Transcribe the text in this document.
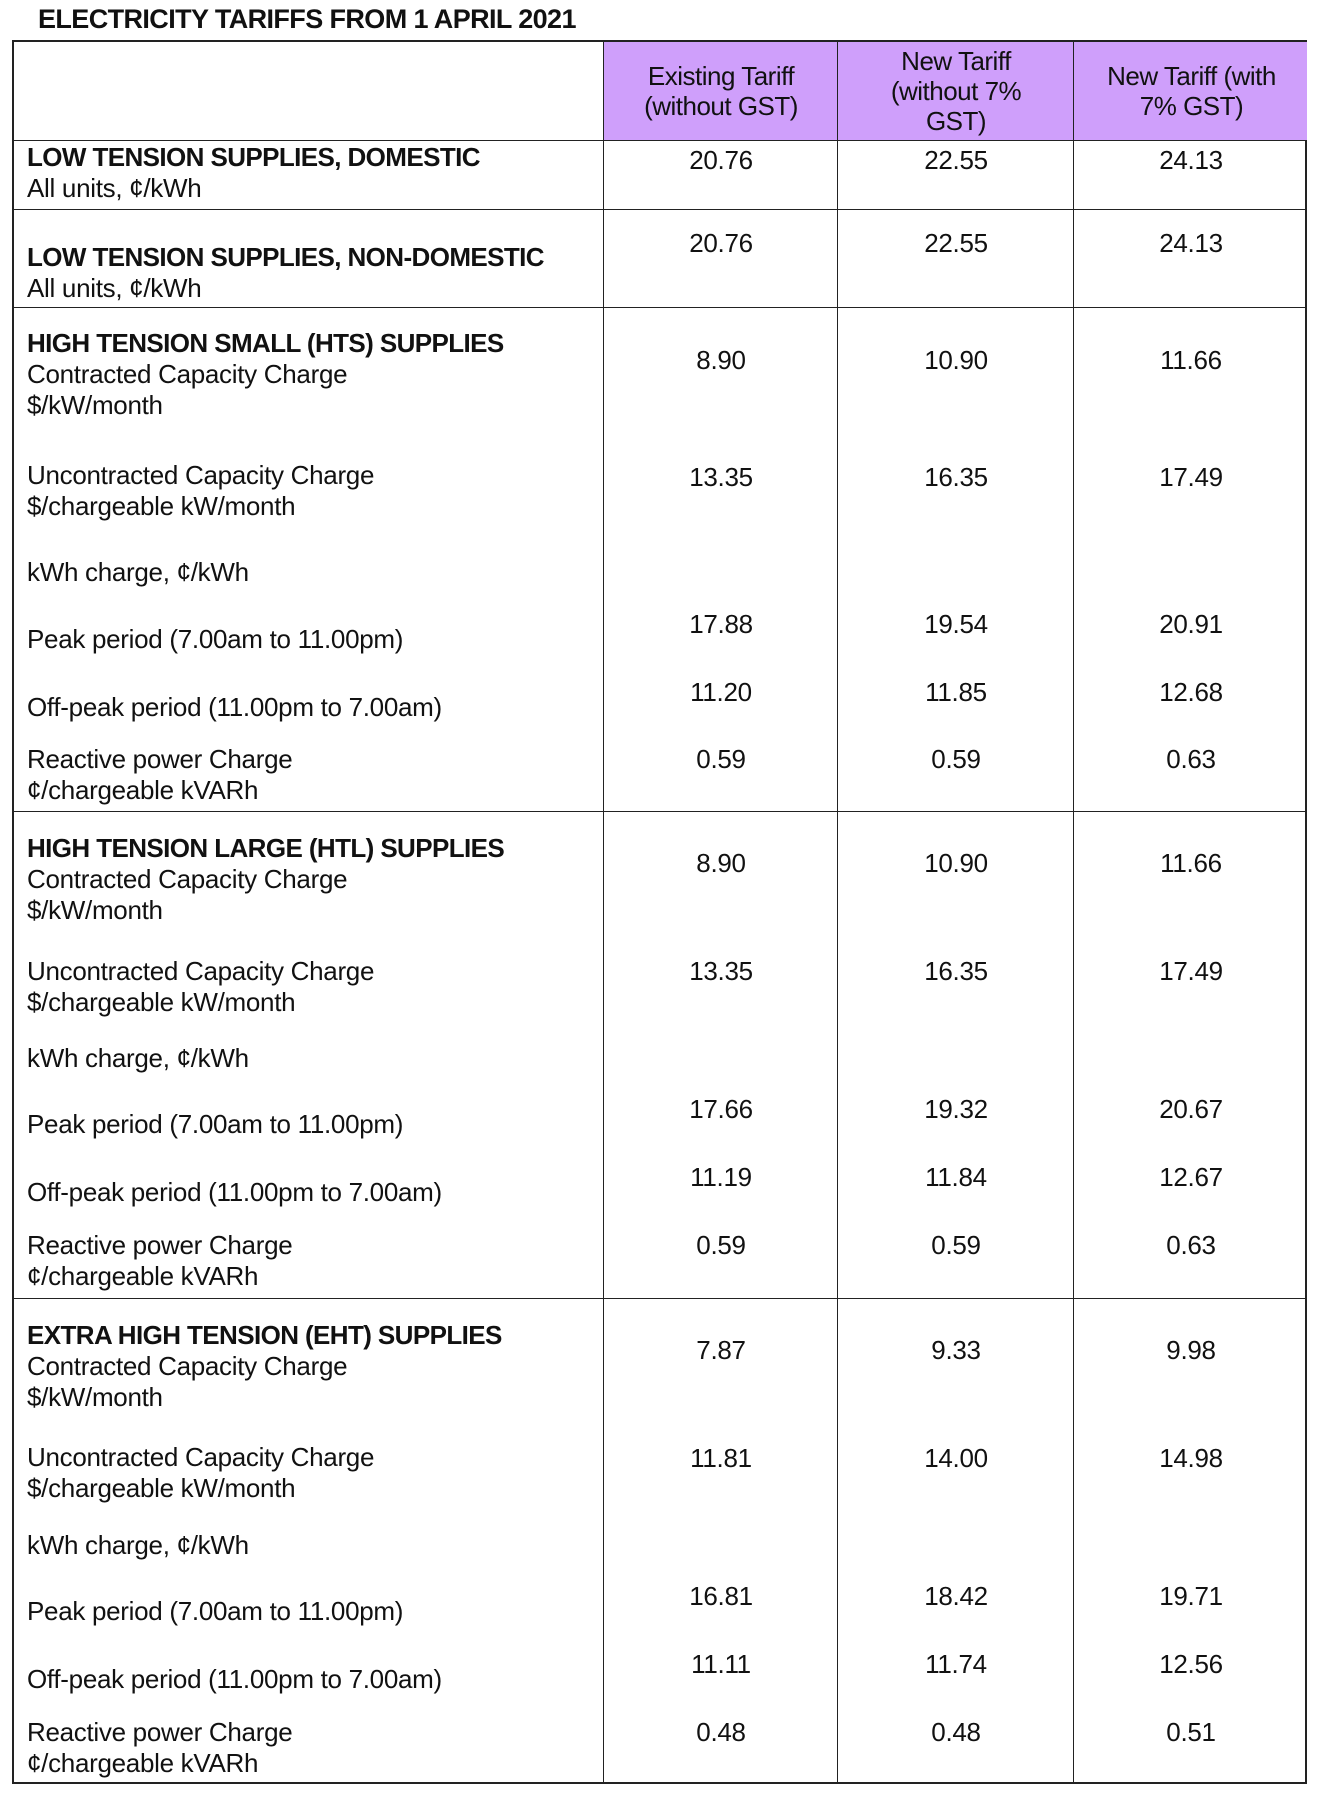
ELECTRICITY TARIFFS FROM 1 APRIL 2021
Existing Tariff (without GST)
New Tariff (without 7% GST)
New Tariff (with 7% GST)
LOW TENSION SUPPLIES, DOMESTIC
All units, ¢/kWh
20.76	22.55	24.13
LOW TENSION SUPPLIES, NON-DOMESTIC
All units, ¢/kWh
20.76	22.55	24.13
HIGH TENSION SMALL (HTS) SUPPLIES
Contracted Capacity Charge
$/kW/month
8.90	10.90	11.66
Uncontracted Capacity Charge
$/chargeable kW/month
13.35	16.35	17.49
kWh charge, ¢/kWh
Peak period (7.00am to 11.00pm)	17.88	19.54	20.91
Off-peak period (11.00pm to 7.00am)	11.20	11.85	12.68
Reactive power Charge
¢/chargeable kVARh
0.59	0.59	0.63
HIGH TENSION LARGE (HTL) SUPPLIES
Contracted Capacity Charge
$/kW/month
8.90	10.90	11.66
Uncontracted Capacity Charge
$/chargeable kW/month
13.35	16.35	17.49
kWh charge, ¢/kWh
Peak period (7.00am to 11.00pm)	17.66	19.32	20.67
Off-peak period (11.00pm to 7.00am)	11.19	11.84	12.67
Reactive power Charge
¢/chargeable kVARh
0.59	0.59	0.63
EXTRA HIGH TENSION (EHT) SUPPLIES
Contracted Capacity Charge
$/kW/month
7.87	9.33	9.98
Uncontracted Capacity Charge
$/chargeable kW/month
11.81	14.00	14.98
kWh charge, ¢/kWh
Peak period (7.00am to 11.00pm)	16.81	18.42	19.71
Off-peak period (11.00pm to 7.00am)	11.11	11.74	12.56
Reactive power Charge
¢/chargeable kVARh
0.48	0.48	0.51
